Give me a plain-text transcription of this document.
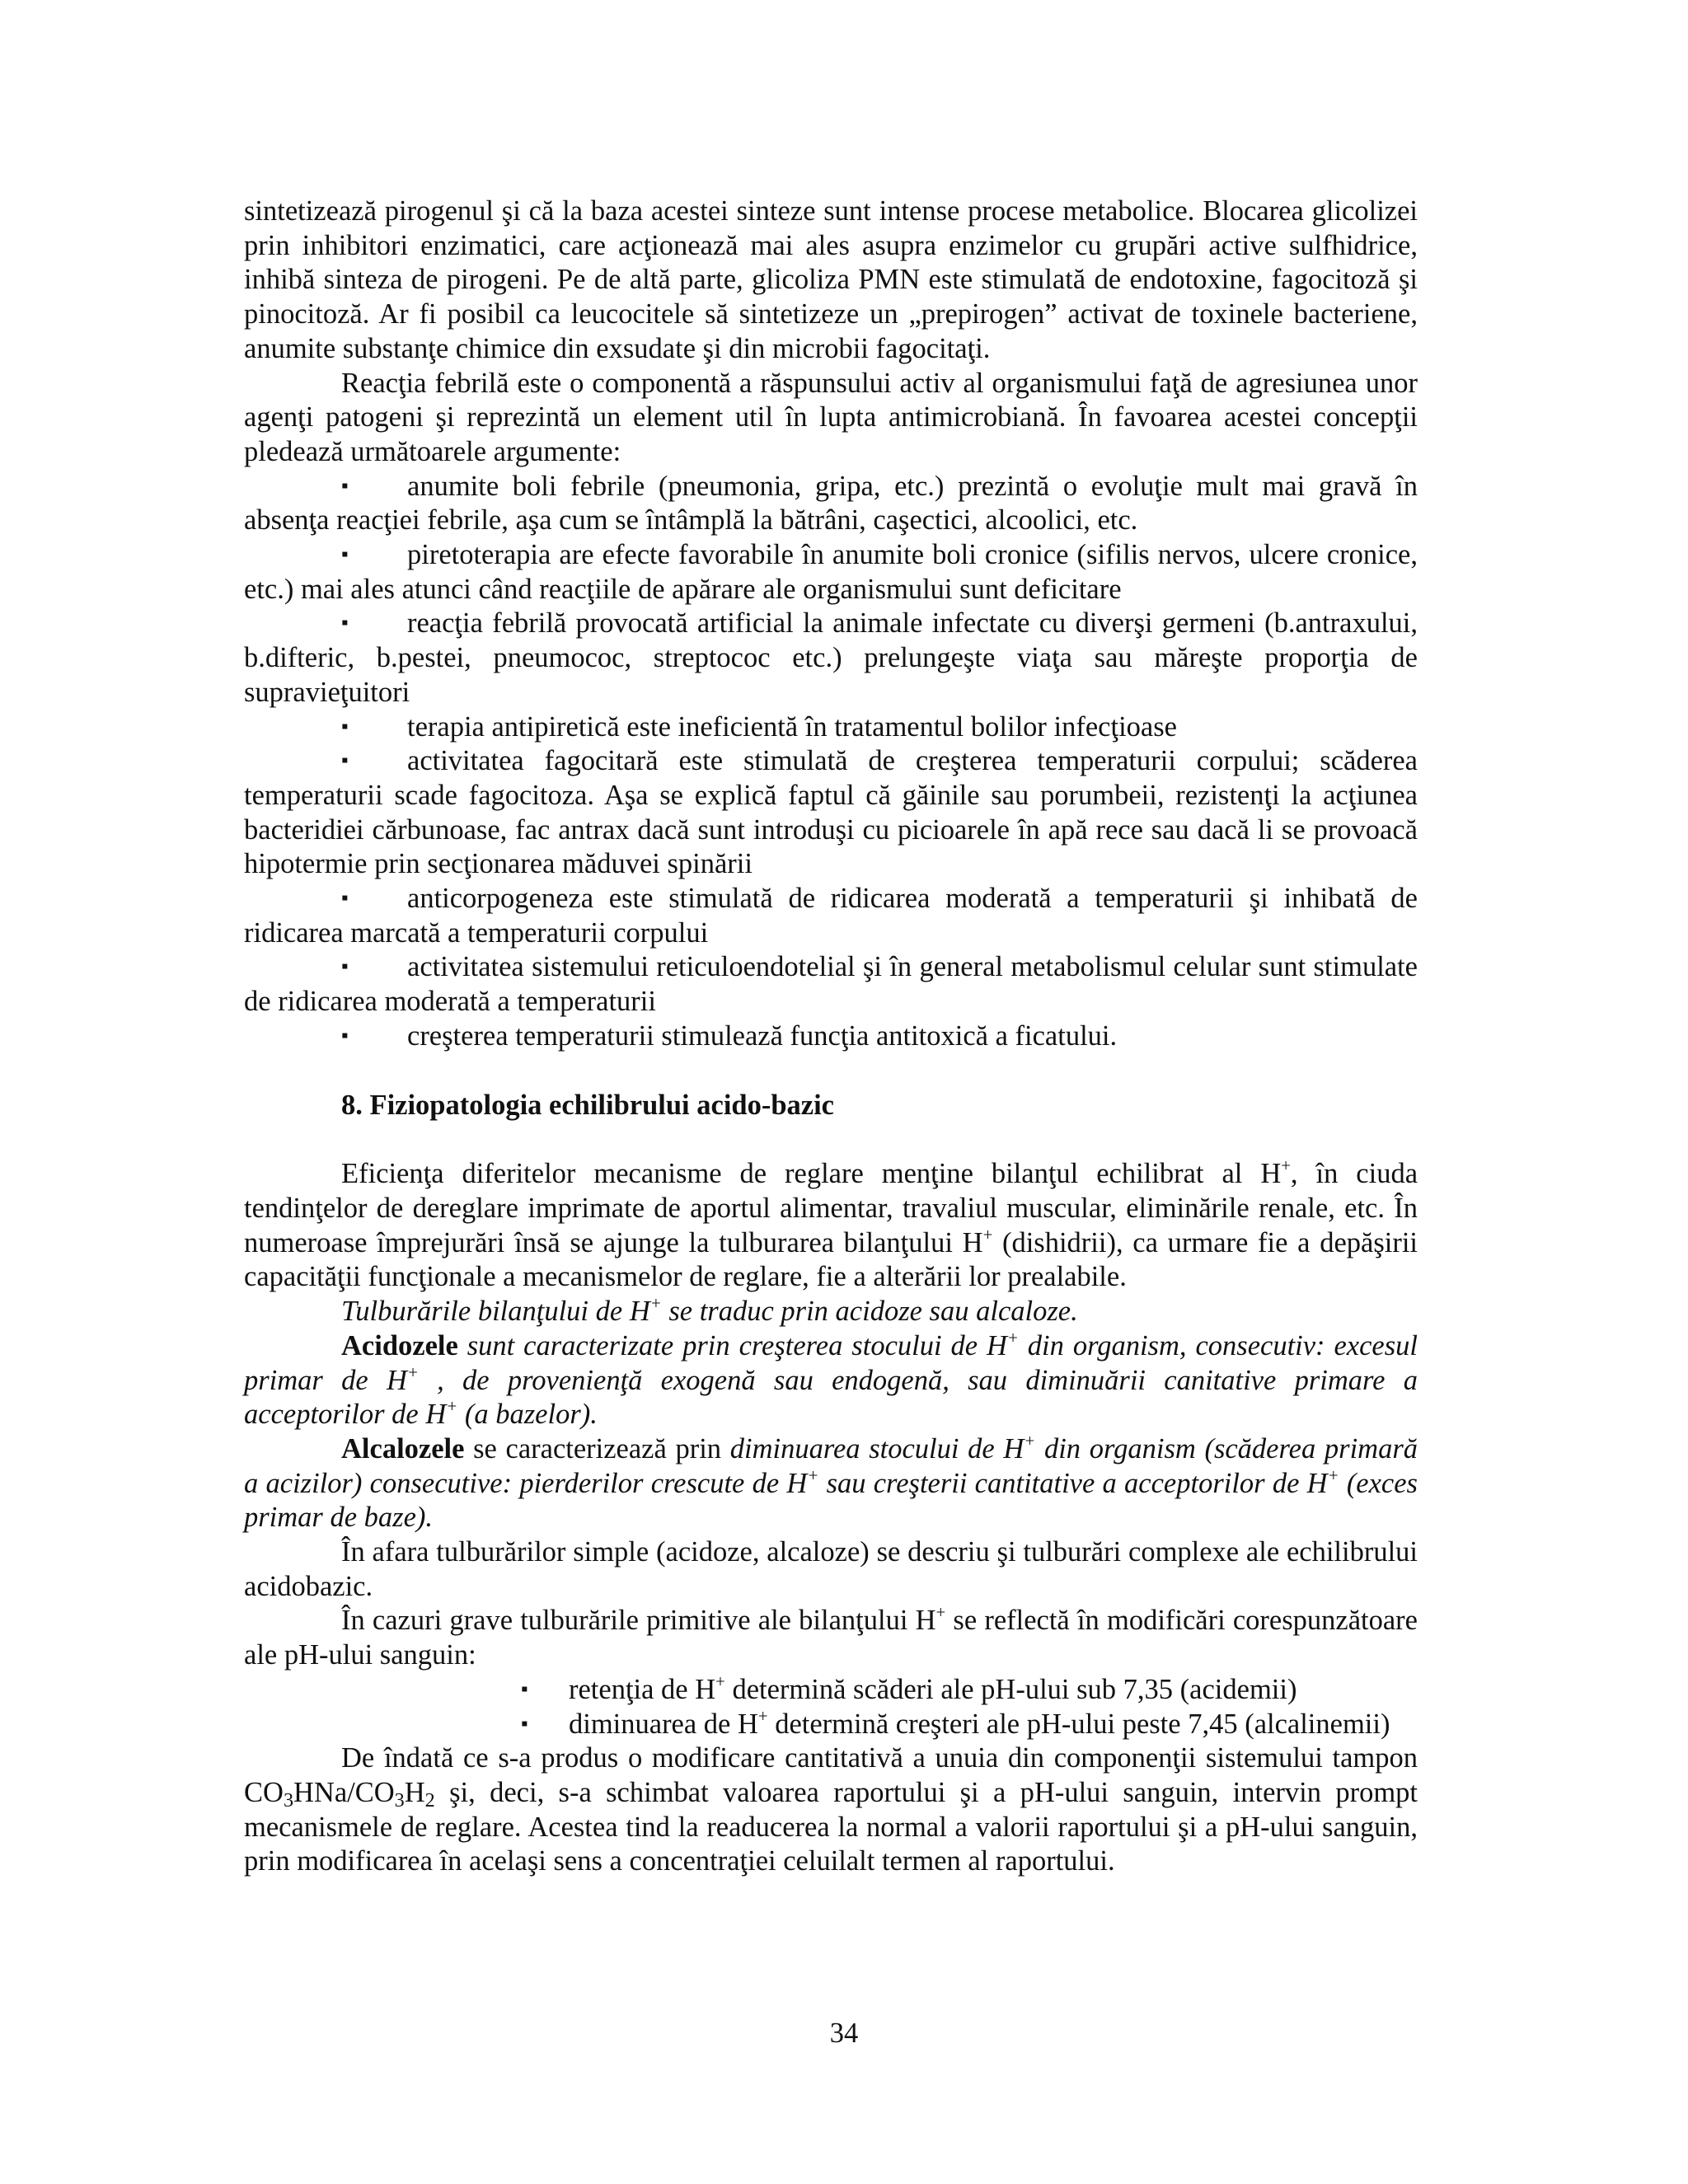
sintetizează pirogenul şi că la baza acestei sinteze sunt intense procese metabolice. Blocarea glicolizei prin inhibitori enzimatici, care acţionează mai ales asupra enzimelor cu grupări active sulfhidrice, inhibă sinteza de pirogeni. Pe de altă parte, glicoliza PMN este stimulată de endotoxine, fagocitoză şi pinocitoză. Ar fi posibil ca leucocitele să sintetizeze un „prepirogen” activat de toxinele bacteriene, anumite substanţe chimice din exsudate şi din microbii fagocitaţi.

Reacţia febrilă este o componentă a răspunsului activ al organismului faţă de agresiunea unor agenţi patogeni şi reprezintă un element util în lupta antimicrobiană. În favoarea acestei concepţii pledează următoarele argumente:

▪ anumite boli febrile (pneumonia, gripa, etc.) prezintă o evoluţie mult mai gravă în absenţa reacţiei febrile, aşa cum se întâmplă la bătrâni, caşectici, alcoolici, etc.

▪ piretoterapia are efecte favorabile în anumite boli cronice (sifilis nervos, ulcere cronice, etc.) mai ales atunci când reacţiile de apărare ale organismului sunt deficitare

▪ reacţia febrilă provocată artificial la animale infectate cu diverşi germeni (b.antraxului, b.difteric, b.pestei, pneumococ, streptococ etc.) prelungeşte viaţa sau măreşte proporţia de supravieţuitori

▪ terapia antipiretică este ineficientă în tratamentul bolilor infecţioase

▪ activitatea fagocitară este stimulată de creşterea temperaturii corpului; scăderea temperaturii scade fagocitoza. Aşa se explică faptul că găinile sau porumbeii, rezistenţi la acţiunea bacteridiei cărbunoase, fac antrax dacă sunt introduşi cu picioarele în apă rece sau dacă li se provoacă hipotermie prin secţionarea măduvei spinării

▪ anticorpogeneza este stimulată de ridicarea moderată a temperaturii şi inhibată de ridicarea marcată a temperaturii corpului

▪ activitatea sistemului reticuloendotelial şi în general metabolismul celular sunt stimulate de ridicarea moderată a temperaturii

▪ creşterea temperaturii stimulează funcţia antitoxică a ficatului.

8. Fiziopatologia echilibrului acido-bazic

Eficienţa diferitelor mecanisme de reglare menţine bilanţul echilibrat al H+, în ciuda tendinţelor de dereglare imprimate de aportul alimentar, travaliul muscular, eliminările renale, etc. În numeroase împrejurări însă se ajunge la tulburarea bilanţului H+ (dishidrii), ca urmare fie a depăşirii capacităţii funcţionale a mecanismelor de reglare, fie a alterării lor prealabile.

Tulburările bilanţului de H+ se traduc prin acidoze sau alcaloze.

Acidozele sunt caracterizate prin creşterea stocului de H+ din organism, consecutiv: excesul primar de H+ , de provenienţă exogenă sau endogenă, sau diminuării canitative primare a acceptorilor de H+ (a bazelor).

Alcalozele se caracterizează prin diminuarea stocului de H+ din organism (scăderea primară a acizilor) consecutive: pierderilor crescute de H+ sau creşterii cantitative a acceptorilor de H+ (exces primar de baze).

În afara tulburărilor simple (acidoze, alcaloze) se descriu şi tulburări complexe ale echilibrului acidobazic.

În cazuri grave tulburările primitive ale bilanţului H+ se reflectă în modificări corespunzătoare ale pH-ului sanguin:

▪	retenţia de H+ determină scăderi ale pH-ului sub 7,35 (acidemii)
▪	diminuarea de H+ determină creşteri ale pH-ului peste 7,45 (alcalinemii)

De îndată ce s-a produs o modificare cantitativă a unuia din componenţii sistemului tampon $CO_3HNa/CO_3H_2$ şi, deci, s-a schimbat valoarea raportului şi a pH-ului sanguin, intervin prompt mecanismele de reglare. Acestea tind la readucerea la normal a valorii raportului şi a pH-ului sanguin, prin modificarea în acelaşi sens a concentraţiei celuilalt termen al raportului.

34
